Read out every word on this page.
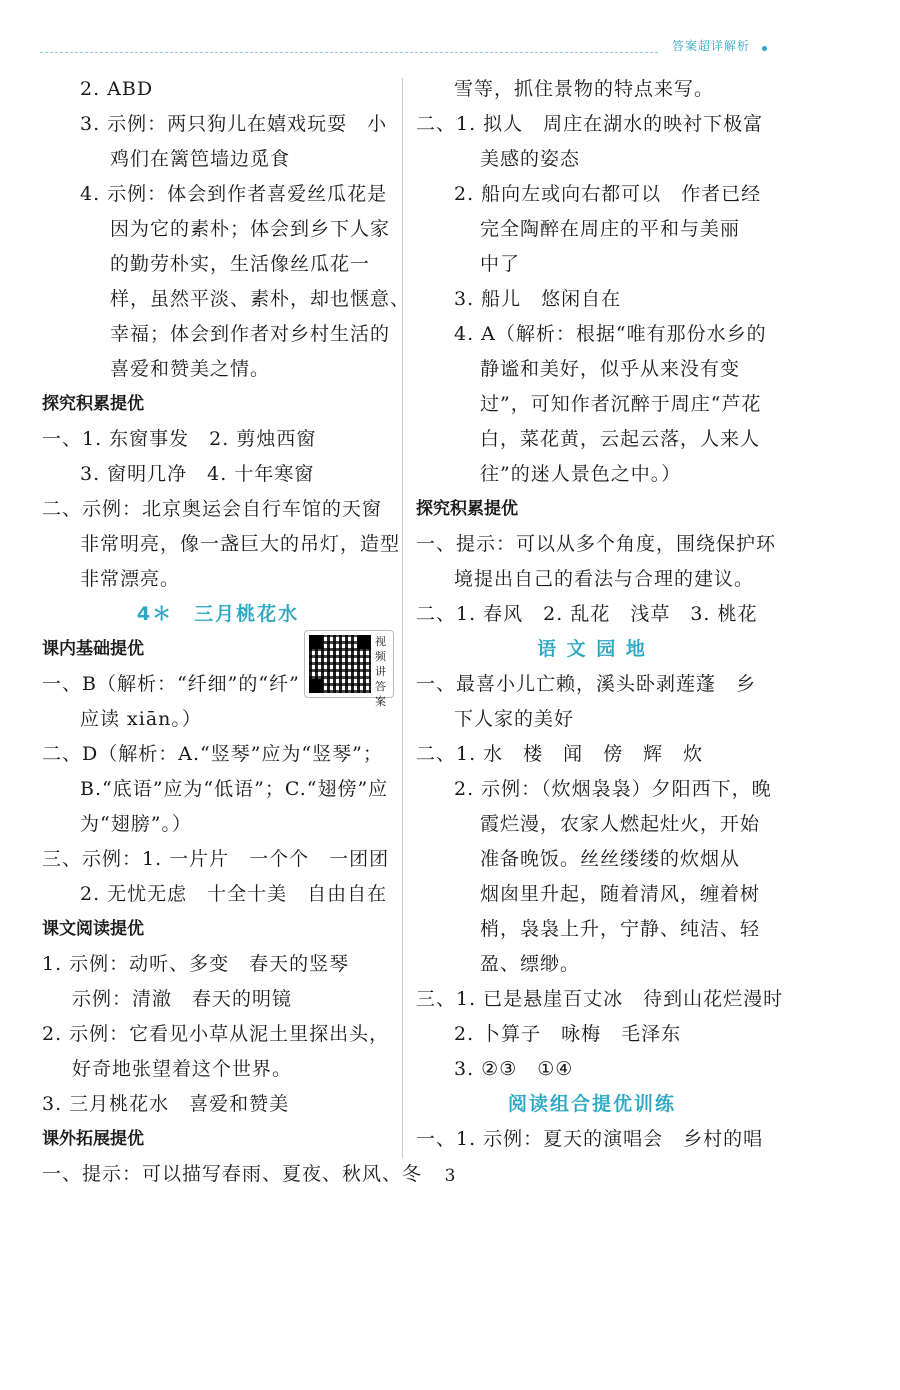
答案超详解析
2. ABD
3. 示例：两只狗儿在嬉戏玩耍　小
鸡们在篱笆墙边觅食
4. 示例：体会到作者喜爱丝瓜花是
因为它的素朴；体会到乡下人家
的勤劳朴实，生活像丝瓜花一
样，虽然平淡、素朴，却也惬意、
幸福；体会到作者对乡村生活的
喜爱和赞美之情。
探究积累提优
一、1. 东窗事发　2. 剪烛西窗
3. 窗明几净　4. 十年寒窗
二、示例：北京奥运会自行车馆的天窗
非常明亮，像一盏巨大的吊灯，造型
非常漂亮。
4＊　三月桃花水
课内基础提优
一、B（解析：“纤细”的“纤”
应读 xiān。）
二、D（解析：A.“竖琴”应为“竖琴”；
B.“底语”应为“低语”；C.“翅傍”应
为“翅膀”。）
三、示例：1. 一片片　一个个　一团团
2. 无忧无虑　十全十美　自由自在
课文阅读提优
1. 示例：动听、多变　春天的竖琴
示例：清澈　春天的明镜
2. 示例：它看见小草从泥土里探出头，
好奇地张望着这个世界。
3. 三月桃花水　喜爱和赞美
课外拓展提优
一、提示：可以描写春雨、夏夜、秋风、冬
雪等，抓住景物的特点来写。
二、1. 拟人　周庄在湖水的映衬下极富
美感的姿态
2. 船向左或向右都可以　作者已经
完全陶醉在周庄的平和与美丽
中了
3. 船儿　悠闲自在
4. A（解析：根据“唯有那份水乡的
静谧和美好，似乎从来没有变
过”，可知作者沉醉于周庄“芦花
白，菜花黄，云起云落，人来人
往”的迷人景色之中。）
探究积累提优
一、提示：可以从多个角度，围绕保护环
境提出自己的看法与合理的建议。
二、1. 春风　2. 乱花　浅草　3. 桃花
语 文 园 地
一、最喜小儿亡赖，溪头卧剥莲蓬　乡
下人家的美好
二、1. 水　楼　闻　傍　辉　炊
2. 示例：（炊烟袅袅）夕阳西下，晚
霞烂漫，农家人燃起灶火，开始
准备晚饭。丝丝缕缕的炊烟从
烟囱里升起，随着清风，缠着树
梢，袅袅上升，宁静、纯洁、轻
盈、缥缈。
三、1. 已是悬崖百丈冰　待到山花烂漫时
2. 卜算子　咏梅　毛泽东
3. ②③　①④
阅读组合提优训练
一、1. 示例：夏天的演唱会　乡村的唱
视频讲答案
3
